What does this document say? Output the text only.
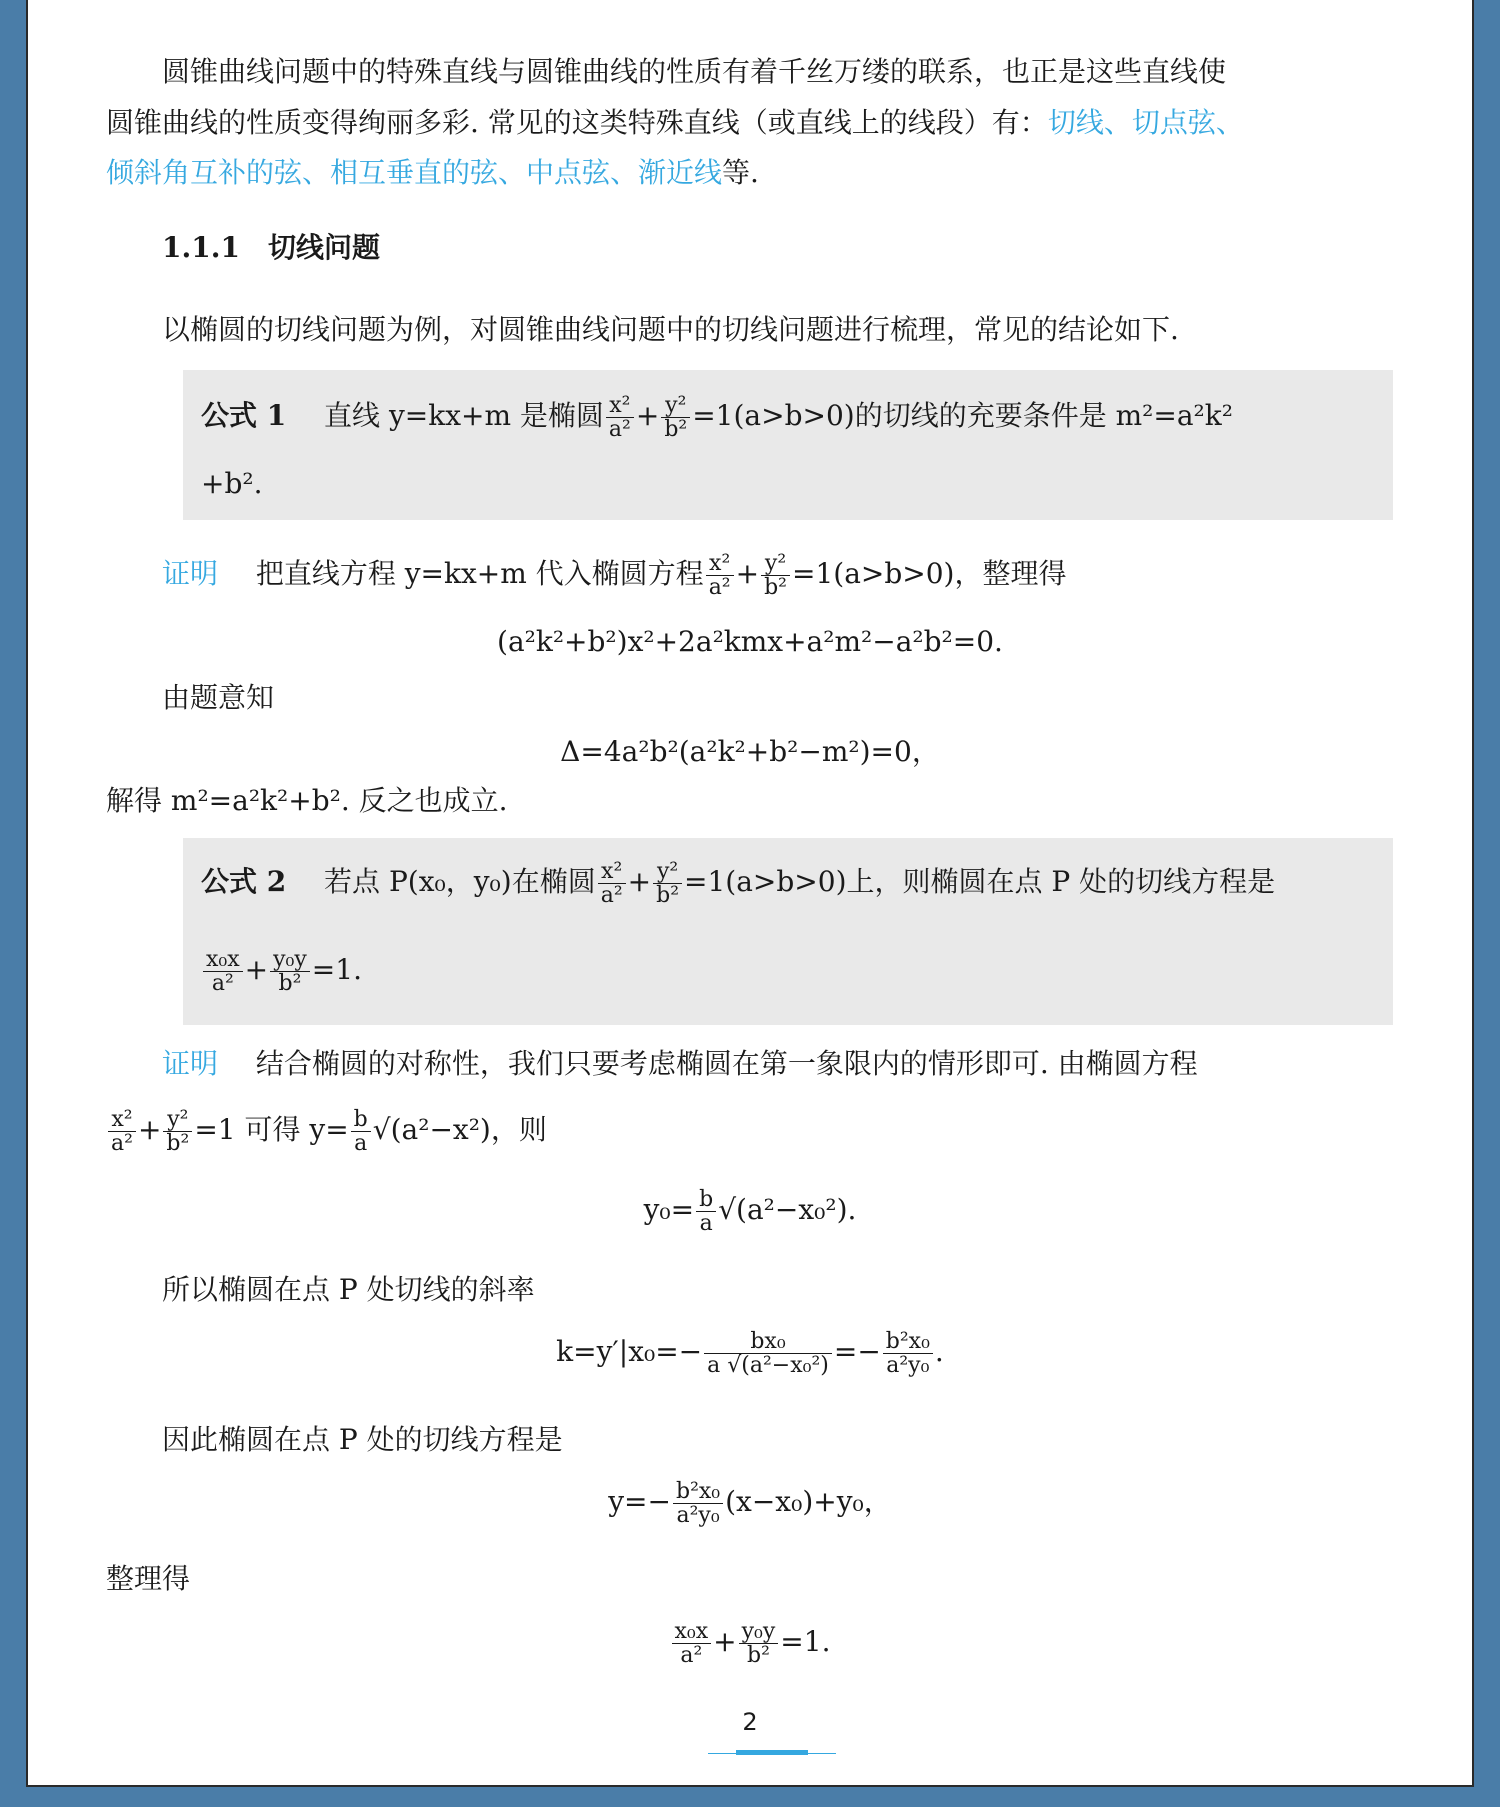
圆锥曲线问题中的特殊直线与圆锥曲线的性质有着千丝万缕的联系，也正是这些直线使
圆锥曲线的性质变得绚丽多彩. 常见的这类特殊直线（或直线上的线段）有：切线、切点弦、
倾斜角互补的弦、相互垂直的弦、中点弦、渐近线等.
1.1.1 切线问题
以椭圆的切线问题为例，对圆锥曲线问题中的切线问题进行梳理，常见的结论如下.
公式 1 直线 y=kx+m 是椭圆 $\frac{\text{x²}}{\text{a²}} + \frac{\text{y²}}{\text{b²}} =1(a>b>0)$的切线的充要条件是 m²=a²k²
+b².
证明 把直线方程 y=kx+m 代入椭圆方程 $\frac{\text{x²}}{\text{a²}} + \frac{\text{y²}}{\text{b²}} =1(a>b>0)$，整理得
(a²k²+b²)x²+2a²kmx+a²m²−a²b²=0.
由题意知
Δ=4a²b²(a²k²+b²−m²)=0，
解得 m²=a²k²+b². 反之也成立.
公式 2 若点 P(x₀，y₀)在椭圆 $\frac{\text{x²}}{\text{a²}} + \frac{\text{y²}}{\text{b²}} =1(a>b>0)$上，则椭圆在点 P 处的切线方程是
$\frac{\text{x₀x}}{\text{a²}} + \frac{\text{y₀y}}{\text{b²}} =1$.
证明 结合椭圆的对称性，我们只要考虑椭圆在第一象限内的情形即可. 由椭圆方程
$\frac{\text{x²}}{\text{a²}} + \frac{\text{y²}}{\text{b²}} =1$ 可得 $y= \frac{b}{a} √(a^2-x^2)$，则
$y_0= \frac{b}{a} √(a^2-x_0^2)$.
所以椭圆在点 P 处切线的斜率
$k=y'|x_0=- \frac{\text{bx₀}}{\text{a √(a²−x₀²)}} =- \frac{\text{b²x₀}}{\text{a²y₀}}$ .
因此椭圆在点 P 处的切线方程是
$y=- \frac{\text{b²x₀}}{\text{a²y₀}} (x-x_0)+y_0$，
整理得
$\frac{\text{x₀x}}{\text{a²}} + \frac{\text{y₀y}}{\text{b²}} =1$.
2
